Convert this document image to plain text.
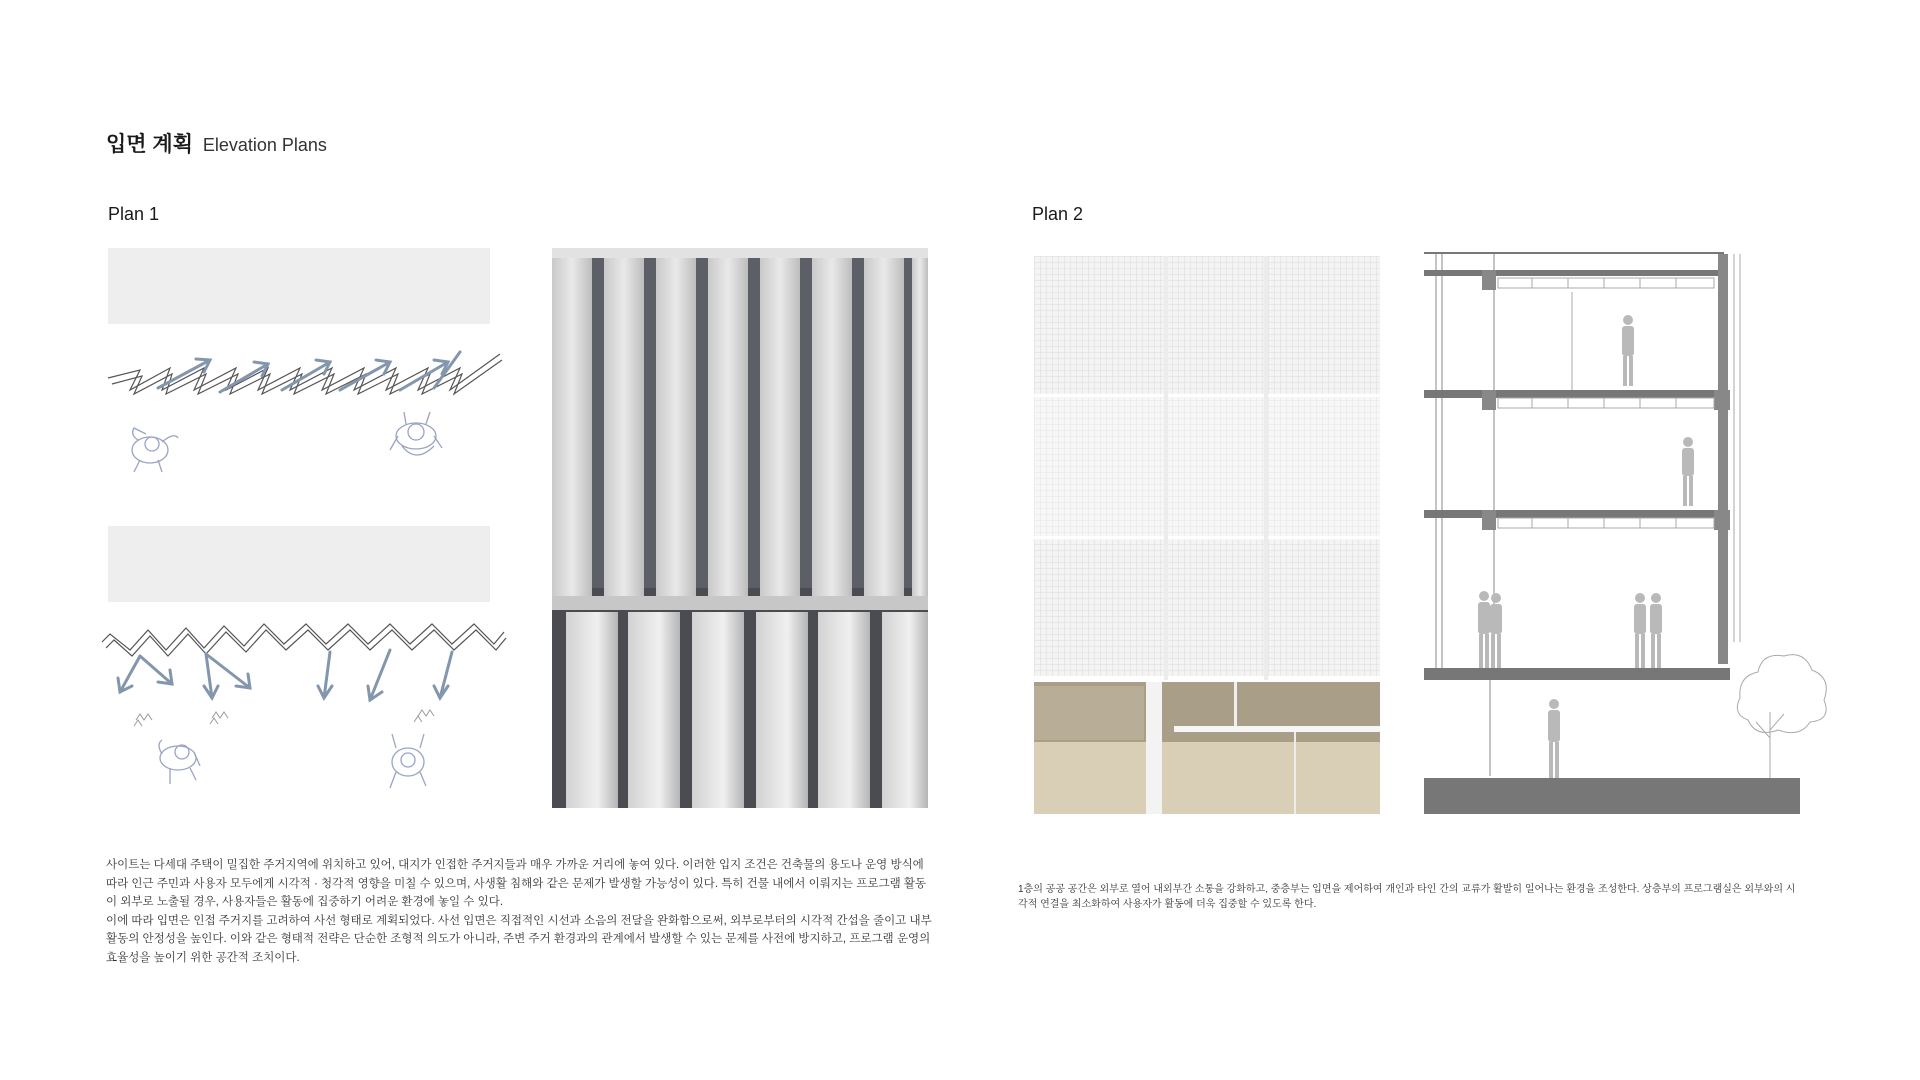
입면 계획 Elevation Plans
Plan 1

사이트는 다세대 주택이 밀집한 주거지역에 위치하고 있어, 대지가 인접한 주거지들과 매우 가까운 거리에 놓여 있다. 이러한 입지 조건은 건축물의 용도나 운영 방식에 따라 인근 주민과 사용자 모두에게 시각적 · 청각적 영향을 미칠 수 있으며, 사생활 침해와 같은 문제가 발생할 가능성이 있다. 특히 건물 내에서 이뤄지는 프로그램 활동이 외부로 노출될 경우, 사용자들은 활동에 집중하기 어려운 환경에 놓일 수 있다.

이에 따라 입면은 인접 주거지를 고려하여 사선 형태로 계획되었다. 사선 입면은 직접적인 시선과 소음의 전달을 완화함으로써, 외부로부터의 시각적 간섭을 줄이고 내부 활동의 안정성을 높인다. 이와 같은 형태적 전략은 단순한 조형적 의도가 아니라, 주변 주거 환경과의 관계에서 발생할 수 있는 문제를 사전에 방지하고, 프로그램 운영의 효율성을 높이기 위한 공간적 조치이다.

Plan 2
1층의 공공 공간은 외부로 열어 내외부간 소통을 강화하고, 중층부는 입면을 제어하여 개인과 타인 간의 교류가 활발히 일어나는 환경을 조성한다. 상층부의 프로그램실은 외부와의 시각적 연결을 최소화하여 사용자가 활동에 더욱 집중할 수 있도록 한다.
